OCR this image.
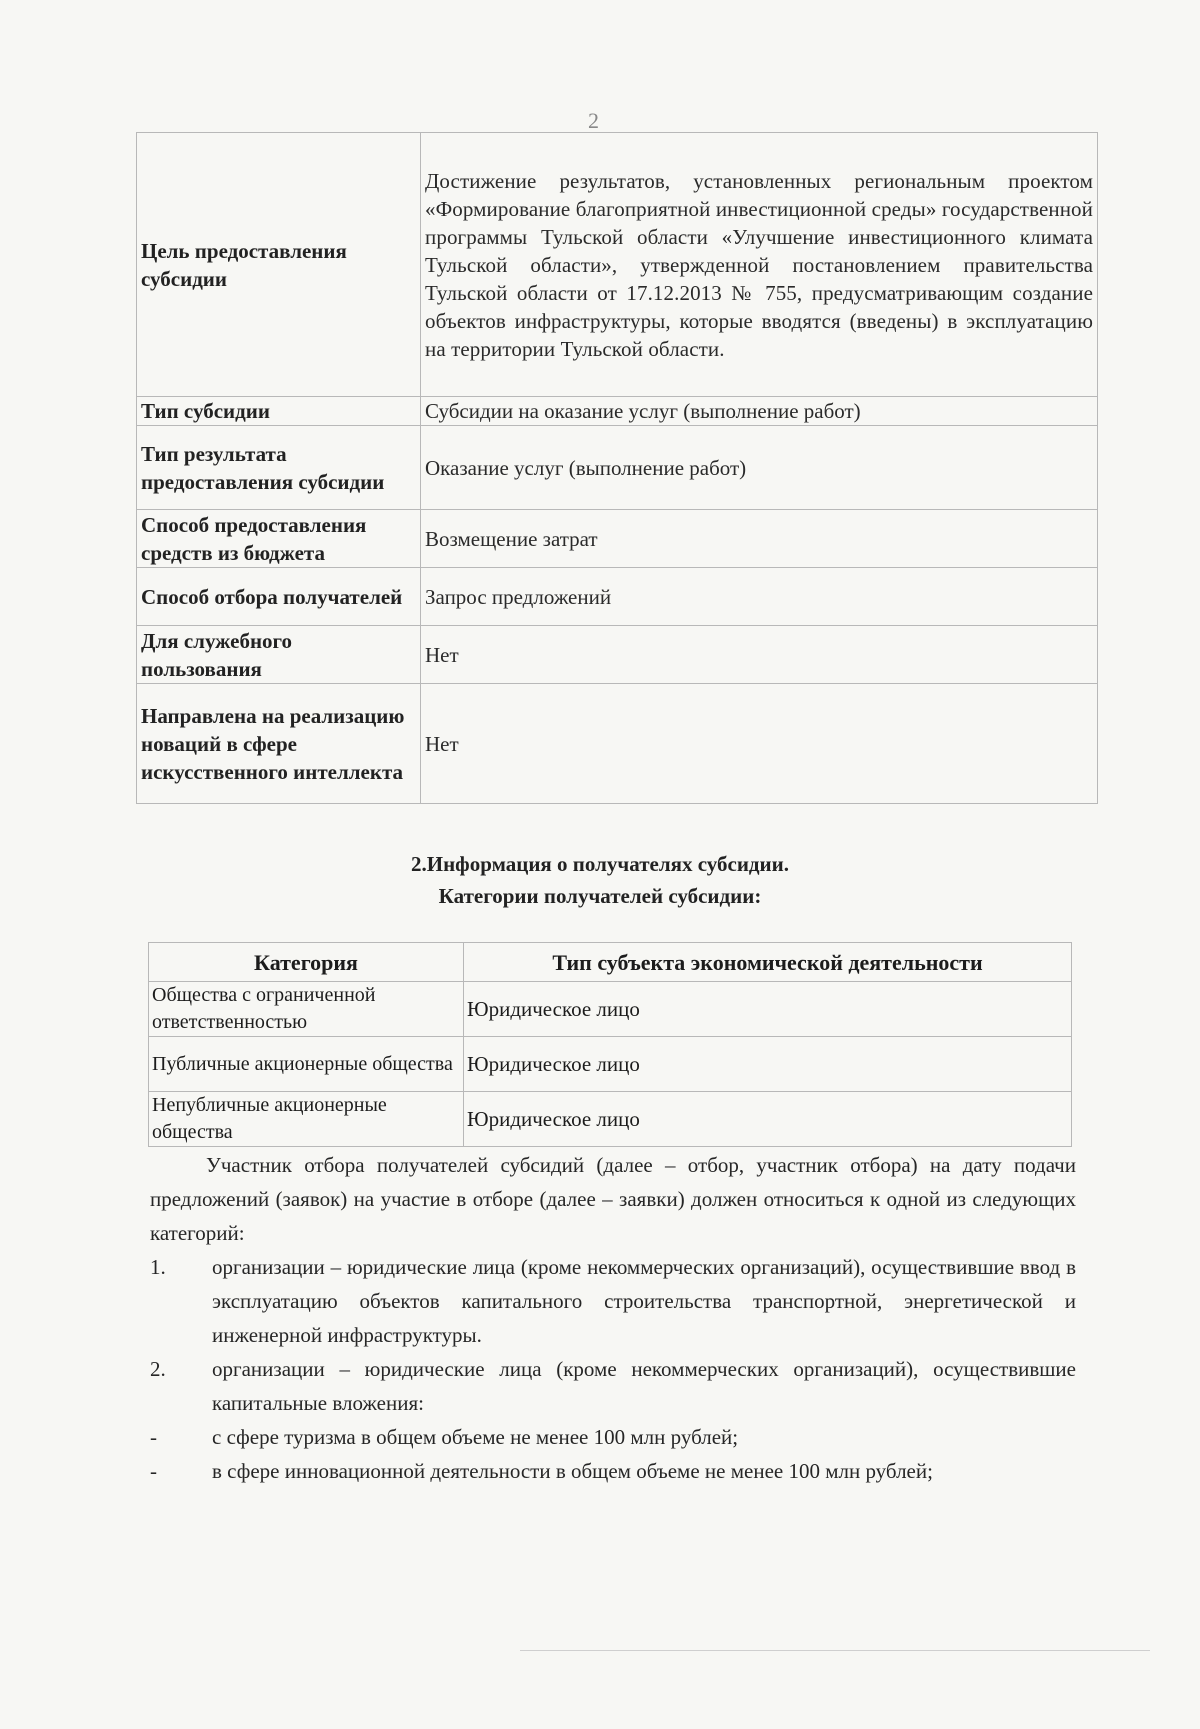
2
Цель предоставления субсидии	Достижение результатов, установленных региональным проектом «Формирование благоприятной инвестиционной среды» государственной программы Тульской области «Улучшение инвестиционного климата Тульской области», утвержденной постановлением правительства Тульской области от 17.12.2013 № 755, предусматривающим создание объектов инфраструктуры, которые вводятся (введены) в эксплуатацию на территории Тульской области.
Тип субсидии	Субсидии на оказание услуг (выполнение работ)
Тип результата предоставления субсидии	Оказание услуг (выполнение работ)
Способ предоставления средств из бюджета	Возмещение затрат
Способ отбора получателей	Запрос предложений
Для служебного пользования	Нет
Направлена на реализацию новаций в сфере искусственного интеллекта	Нет
2.Информация о получателях субсидии.
Категории получателей субсидии:
Категория	Тип субъекта экономической деятельности
Общества с ограниченной ответственностью	Юридическое лицо
Публичные акционерные общества	Юридическое лицо
Непубличные акционерные общества	Юридическое лицо

Участник отбора получателей субсидий (далее – отбор, участник отбора) на дату подачи предложений (заявок) на участие в отборе (далее – заявки) должен относиться к одной из следующих категорий:

1.	организации – юридические лица (кроме некоммерческих организаций), осуществившие ввод в эксплуатацию объектов капитального строительства транспортной, энергетической и инженерной инфраструктуры.
2.	организации – юридические лица (кроме некоммерческих организаций), осуществившие капитальные вложения:
-	с сфере туризма в общем объеме не менее 100 млн рублей;
-	в сфере инновационной деятельности в общем объеме не менее 100 млн рублей;
